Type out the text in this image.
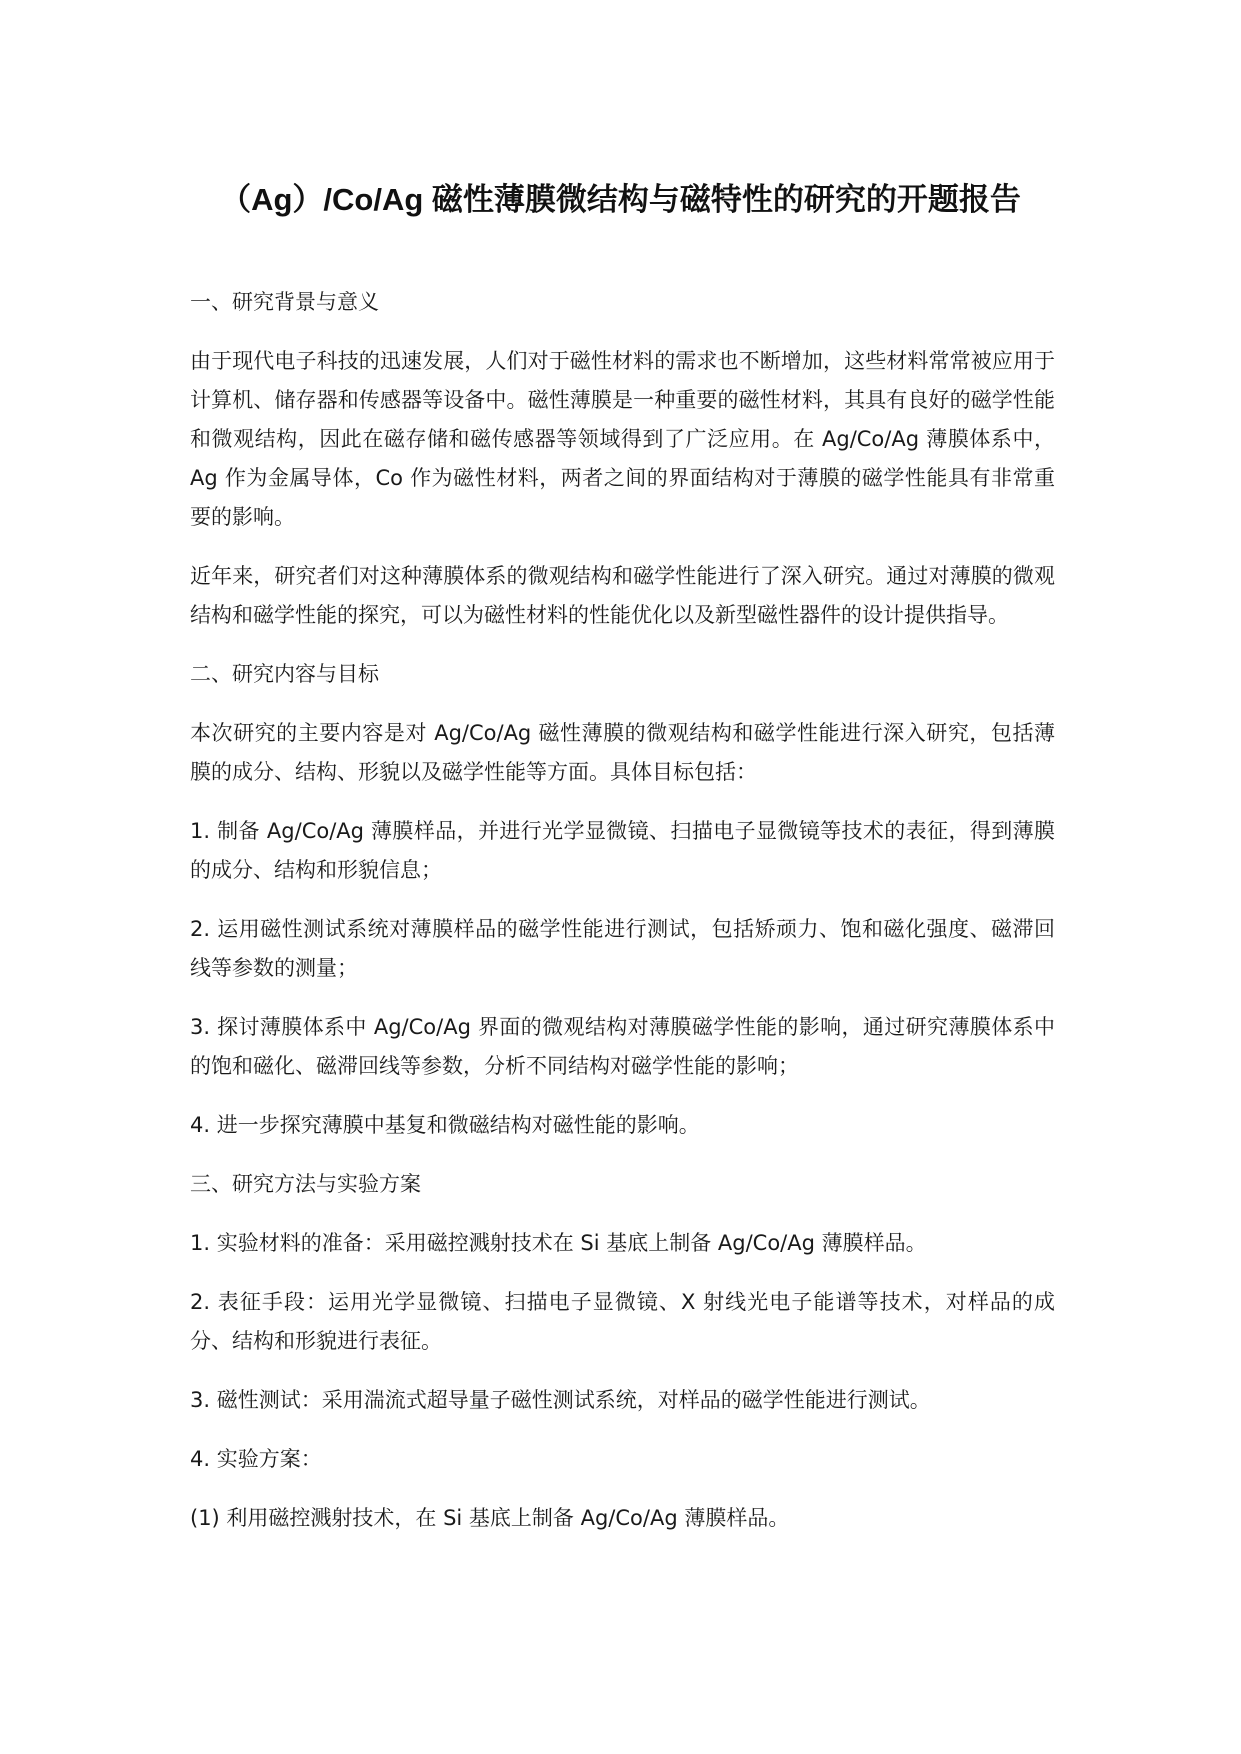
（Ag）/Co/Ag 磁性薄膜微结构与磁特性的研究的开题报告

一、研究背景与意义

由于现代电子科技的迅速发展，人们对于磁性材料的需求也不断增加，这些材料常常被应用于计算机、储存器和传感器等设备中。磁性薄膜是一种重要的磁性材料，其具有良好的磁学性能和微观结构，因此在磁存储和磁传感器等领域得到了广泛应用。在 Ag/Co/Ag 薄膜体系中，Ag 作为金属导体，Co 作为磁性材料，两者之间的界面结构对于薄膜的磁学性能具有非常重要的影响。

近年来，研究者们对这种薄膜体系的微观结构和磁学性能进行了深入研究。通过对薄膜的微观结构和磁学性能的探究，可以为磁性材料的性能优化以及新型磁性器件的设计提供指导。

二、研究内容与目标

本次研究的主要内容是对 Ag/Co/Ag 磁性薄膜的微观结构和磁学性能进行深入研究，包括薄膜的成分、结构、形貌以及磁学性能等方面。具体目标包括：

1. 制备 Ag/Co/Ag 薄膜样品，并进行光学显微镜、扫描电子显微镜等技术的表征，得到薄膜的成分、结构和形貌信息；

2. 运用磁性测试系统对薄膜样品的磁学性能进行测试，包括矫顽力、饱和磁化强度、磁滞回线等参数的测量；

3. 探讨薄膜体系中 Ag/Co/Ag 界面的微观结构对薄膜磁学性能的影响，通过研究薄膜体系中的饱和磁化、磁滞回线等参数，分析不同结构对磁学性能的影响；

4. 进一步探究薄膜中基复和微磁结构对磁性能的影响。

三、研究方法与实验方案

1. 实验材料的准备：采用磁控溅射技术在 Si 基底上制备 Ag/Co/Ag 薄膜样品。

2. 表征手段：运用光学显微镜、扫描电子显微镜、X 射线光电子能谱等技术，对样品的成分、结构和形貌进行表征。

3. 磁性测试：采用湍流式超导量子磁性测试系统，对样品的磁学性能进行测试。

4. 实验方案：

(1) 利用磁控溅射技术，在 Si 基底上制备 Ag/Co/Ag 薄膜样品。
